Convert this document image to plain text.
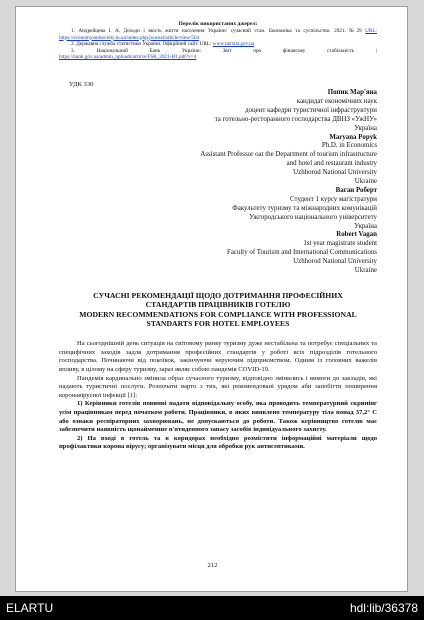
Перелік використаних джерел:
1. Андрейцева І. А. Доходи і якість життя населення України: сучасний стан. Економіка та суспільство. 2021. №29 URL: https://economyandsociety.in.ua/index.php/journal/article/view/564
2. Державна служба статистики України. Офіційний сайт. URL: www.ukrstat.gov.ua
3.	Національний	Банк	України:	Звіт	про	фінансову	стабільність	|
https://bank.gov.ua/admin_uploads/article/FSR_2021-H1.pdf?v=4
УДК 330
Попик Мар'яна
кандидат економічних наук
доцент кафедри туристичної інфраструктури
та готельно-ресторанного господарства ДВНЗ «УжНУ»
Україна
Maryana Popyk
Ph.D. in Economics
Assistant Professor oat the Department of tourism infrastructure
and hotel and restaurant industry
Uzhhorod National University
Ukraine
Ваган Роберт
Студент 1 курсу магістратури
Факультету туризму та міжнародних комунікацій
Ужгородського національного університету
Україна
Robert Vagan
1st year magistrate student
Faculty of Tourism and International Communications
Uzhhorod National University
Ukraine
СУЧАСНІ РЕКОМЕНДАЦІЇ ЩОДО ДОТРИМАННЯ ПРОФЕСІЙНИХ
СТАНДАРТІВ ПРАЦІВНИКІВ ГОТЕЛЮ
MODERN RECOMMENDATIONS FOR COMPLIANCE WITH PROFESSIONAL
STANDARTS FOR HOTEL EMPLOYEES

На сьогоднішній день ситуація на світовому ринку туризму дуже нестабільна та потребує спеціальних та специфічних заходів задля дотримання професійних стандартів у роботі всіх підрозділів готельного господарства. Починаючи від покоївок, закінчуючи керуючим підприємством. Одним із головних важелів впливу, в цілому на сферу туризму, зараз являє собою пандемія COVID-19.

Пандемія кардинально змінила образ сучасного туризму, відповідно змінились і вимоги до закладів, які надають туристичні послуги. Розпочати варто з тих, які рекомендовані урядом аби запобігти поширення коронавірусної інфекції [1]:

1) Керівники готелів повинні надати відповідальну особу, яка проводить температурний скринінг усім працівникам перед початком роботи. Працівники, в яких виявлено температуру тіла понад 37,2° С або ознаки респіраторних захворювань, не допускаються до роботи. Також керівництво готелю має забезпечити наявність щонайменше п'ятиденного запасу засобів індивідуального захисту.

2) На вході в готель та в коридорах необхідно розмістити інформаційні матеріали щодо профілактики корона вірусу; організувати місця для обробки рук антисептиками.

212
ELARTU	hdl:lib/36378
